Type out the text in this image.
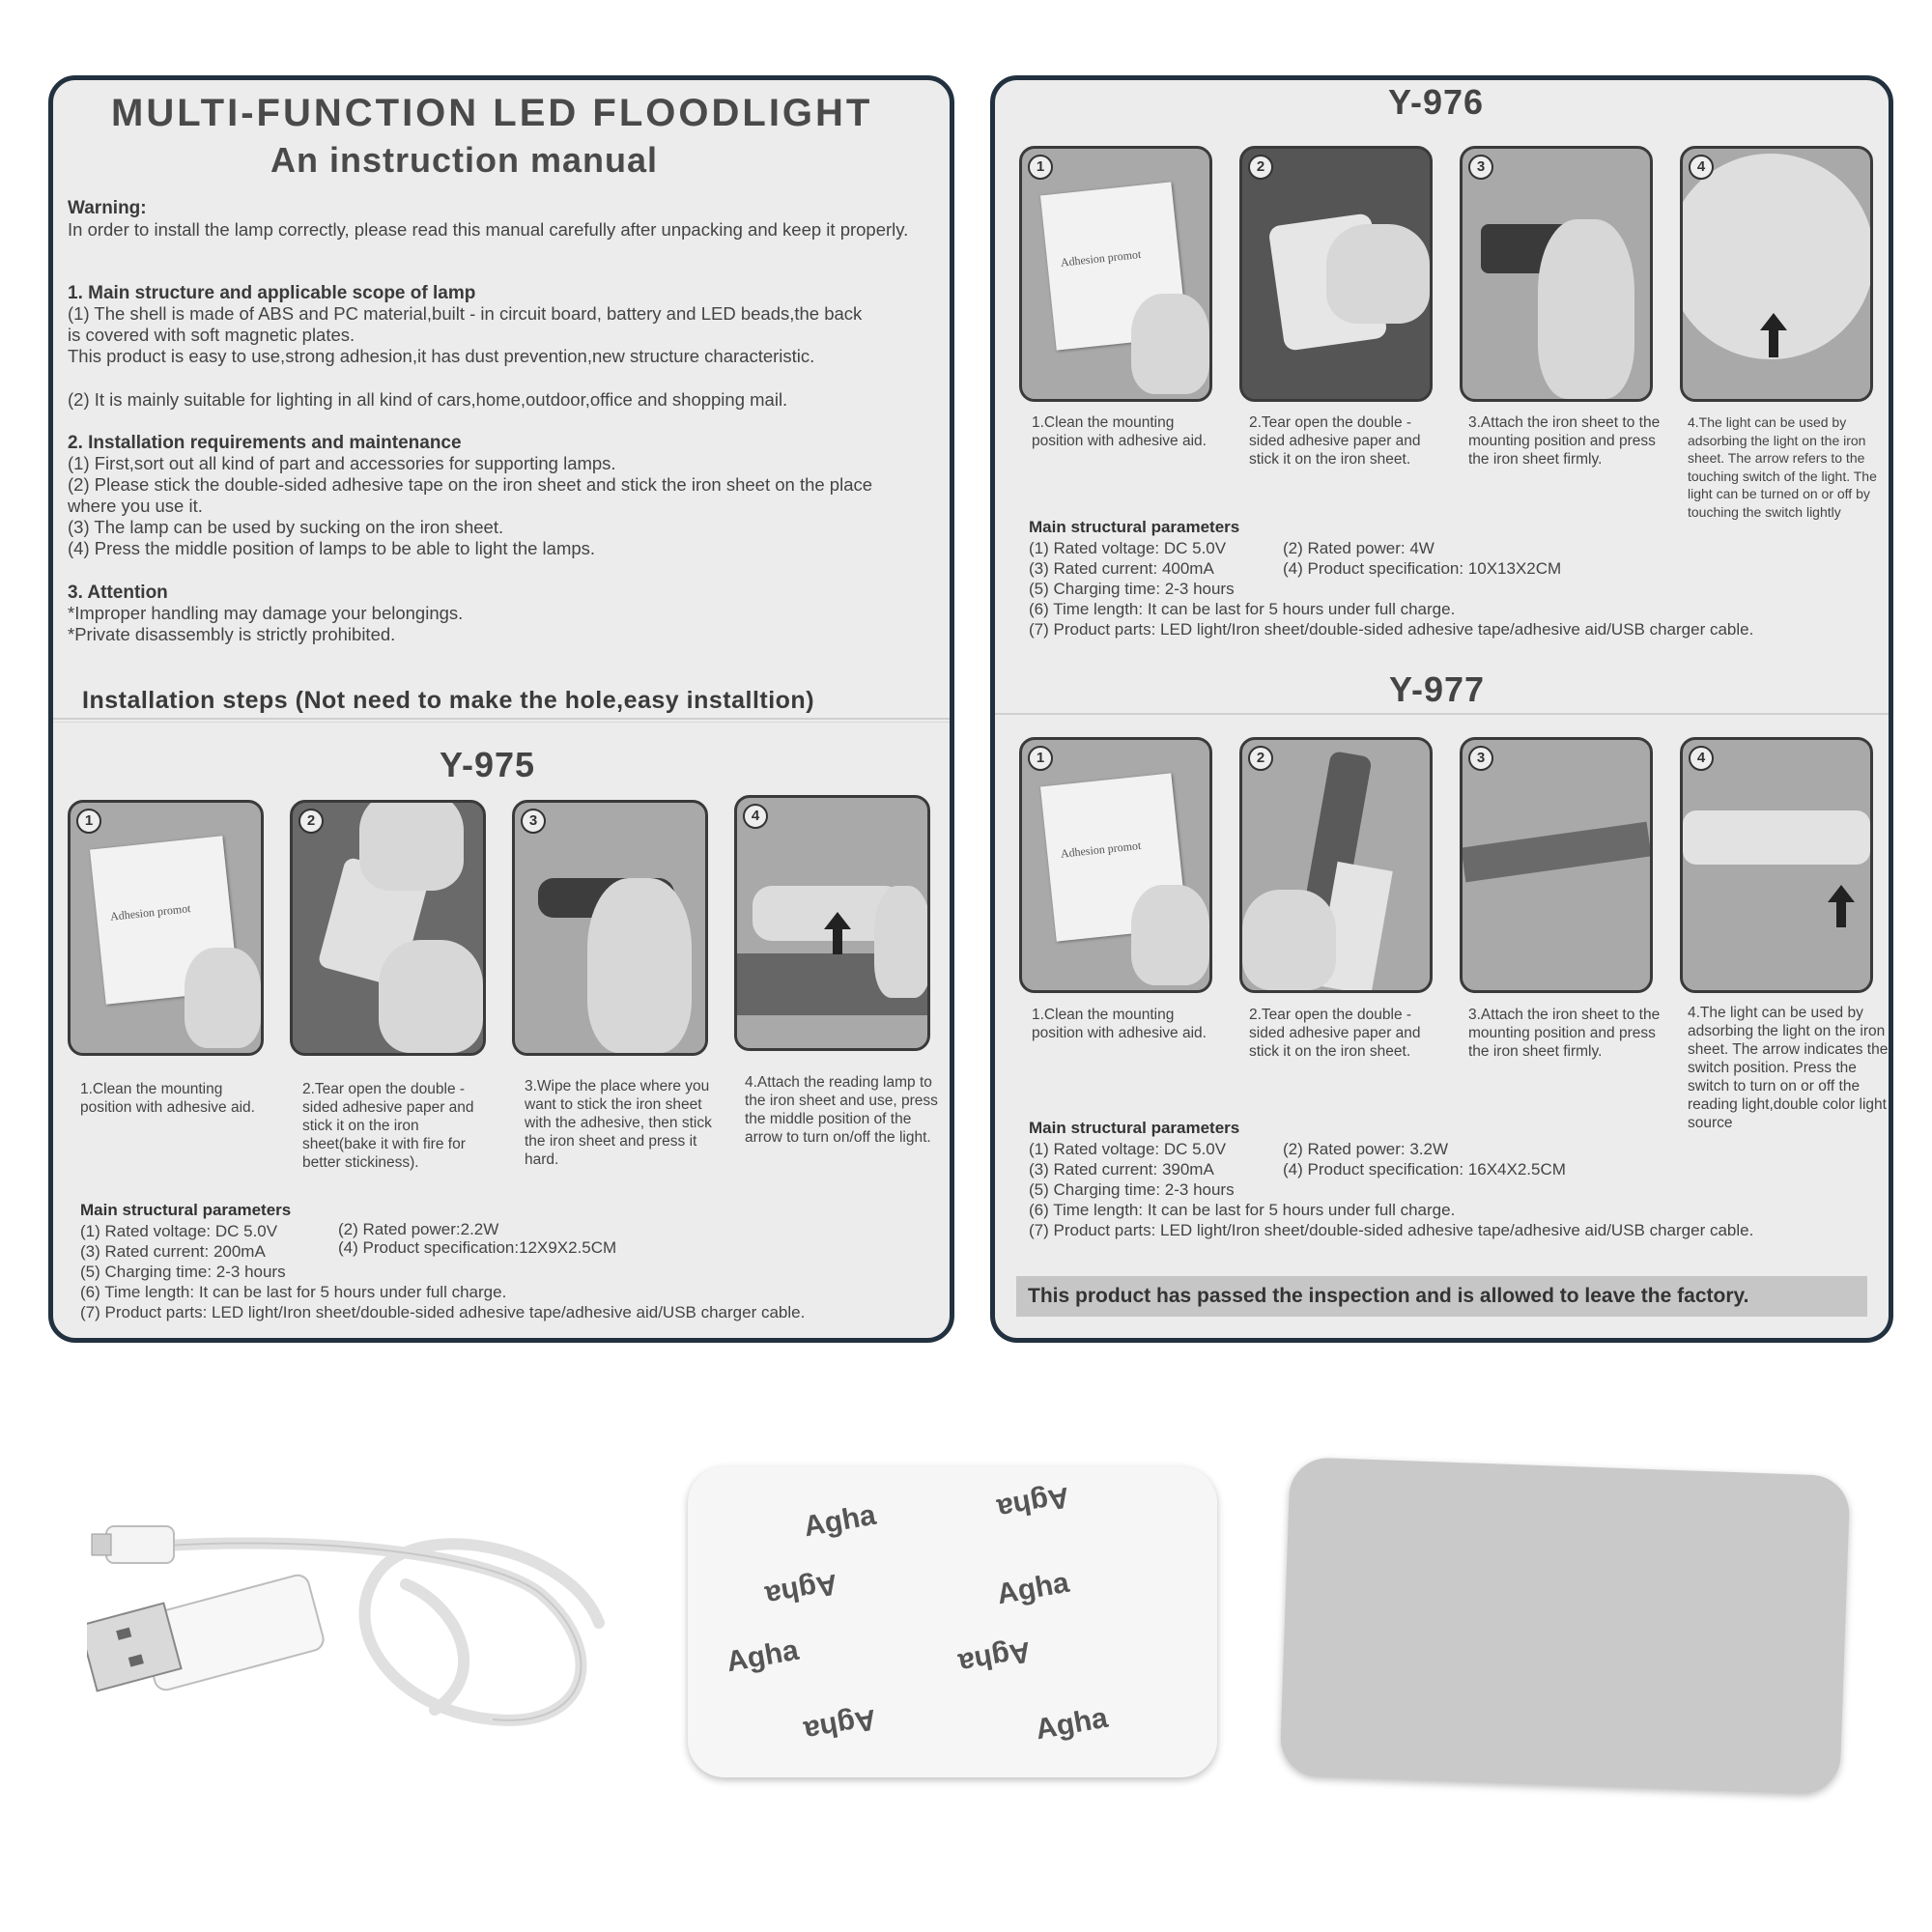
MULTI-FUNCTION LED FLOODLIGHT
An instruction manual
Warning:
In order to install the lamp correctly, please read this manual carefully after unpacking and keep it properly.
1. Main structure and applicable scope of lamp
(1) The shell is made of ABS and PC material,built - in circuit board, battery and LED beads,the back is covered with soft magnetic plates.
This product is easy to use,strong adhesion,it has dust prevention,new structure characteristic.
(2) It is mainly suitable for lighting in all kind of cars,home,outdoor,office and shopping mail.
2. Installation requirements and maintenance
(1) First,sort out all kind of part and accessories for supporting lamps.
(2) Please stick the double-sided adhesive tape on the iron sheet and stick the iron sheet on the place where you use it.
(3) The lamp can be used by sucking on the iron sheet.
(4) Press the middle position of lamps to be able to light the lamps.
3. Attention
*Improper handling may damage your belongings.
*Private disassembly is strictly prohibited.
Installation steps (Not need to make the hole,easy installtion)
Y-975
Adhesion promot
1	2	3	4
1.Clean the mounting position with adhesive aid.
2.Tear open the double -sided adhesive paper and stick it on the iron sheet(bake it with fire for better stickiness).
3.Wipe the place where you want to stick the iron sheet with the adhesive, then stick the iron sheet and press it hard.
4.Attach the reading lamp to the iron sheet and use, press the middle position of the arrow to turn on/off the light.
Main structural parameters
(1) Rated voltage: DC 5.0V	(2) Rated power:2.2W
(3) Rated current: 200mA	(4) Product specification:12X9X2.5CM
(5) Charging time: 2-3 hours
(6) Time length: It can be last for 5 hours under full charge.
(7) Product parts: LED light/Iron sheet/double-sided adhesive tape/adhesive aid/USB charger cable.
Y-976
Adhesion promot
1	2	3	4
1.Clean the mounting position with adhesive aid.
2.Tear open the double -sided adhesive paper and stick it on the iron sheet.
3.Attach the iron sheet to the mounting position and press the iron sheet firmly.
4.The light can be used by adsorbing the light on the iron sheet. The arrow refers to the touching switch of the light. The light can be turned on or off by touching the switch lightly
Main structural parameters
(1) Rated voltage: DC 5.0V	(2) Rated power: 4W
(3) Rated current: 400mA	(4) Product specification: 10X13X2CM
(5) Charging time: 2-3 hours
(6) Time length: It can be last for 5 hours under full charge.
(7) Product parts: LED light/Iron sheet/double-sided adhesive tape/adhesive aid/USB charger cable.
Y-977
Adhesion promot
1	2	3	4
1.Clean the mounting position with adhesive aid.
2.Tear open the double -sided adhesive paper and stick it on the iron sheet.
3.Attach the iron sheet to the mounting position and press the iron sheet firmly.
4.The light can be used by adsorbing the light on the iron sheet. The arrow indicates the switch position. Press the switch to turn on or off the reading light,double color light source
Main structural parameters
(1) Rated voltage: DC 5.0V	(2) Rated power: 3.2W
(3) Rated current: 390mA	(4) Product specification: 16X4X2.5CM
(5) Charging time: 2-3 hours
(6) Time length: It can be last for 5 hours under full charge.
(7) Product parts: LED light/Iron sheet/double-sided adhesive tape/adhesive aid/USB charger cable.
This product has passed the inspection and is allowed to leave the factory.
Agha	Agha
Agha	Agha
Agha	Agha
Agha	Agha
